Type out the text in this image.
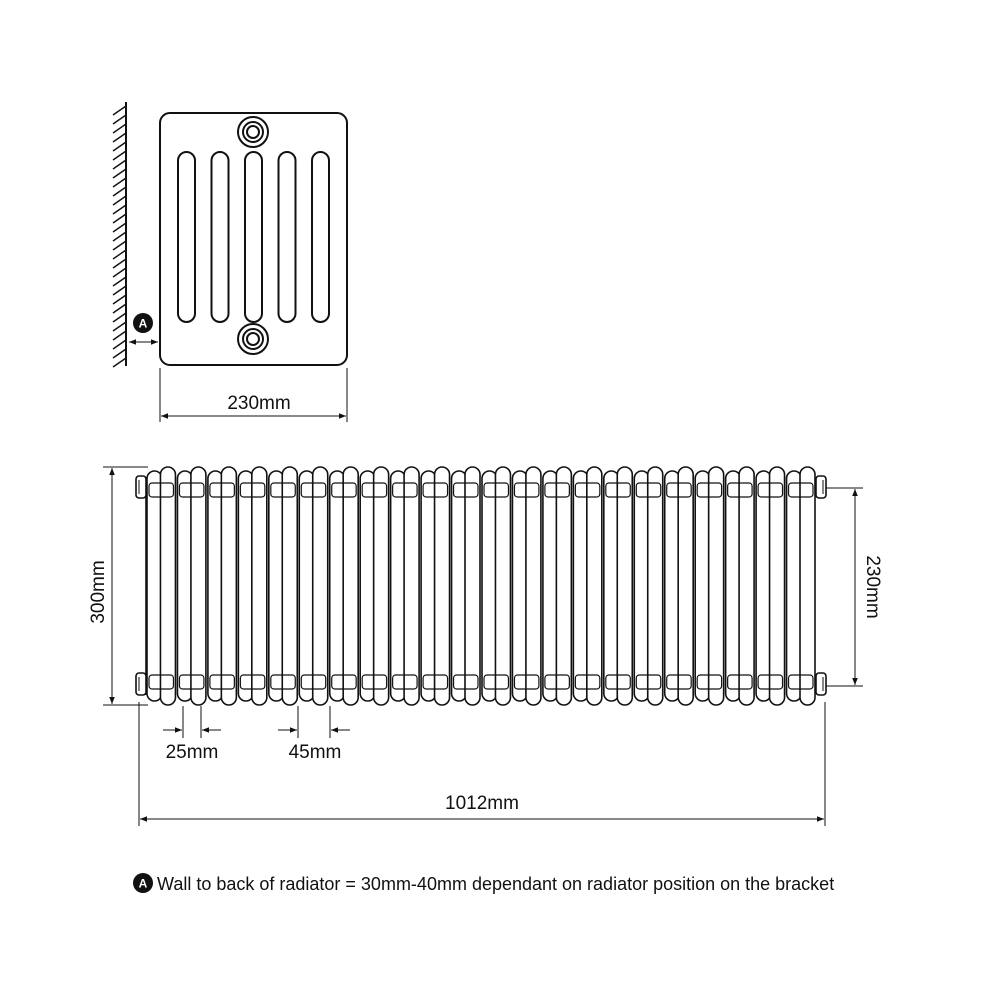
A
230mm
300mm	230mm
25mm	45mm
1012mm
A Wall to back of radiator = 30mm-40mm dependant on radiator position on the bracket
